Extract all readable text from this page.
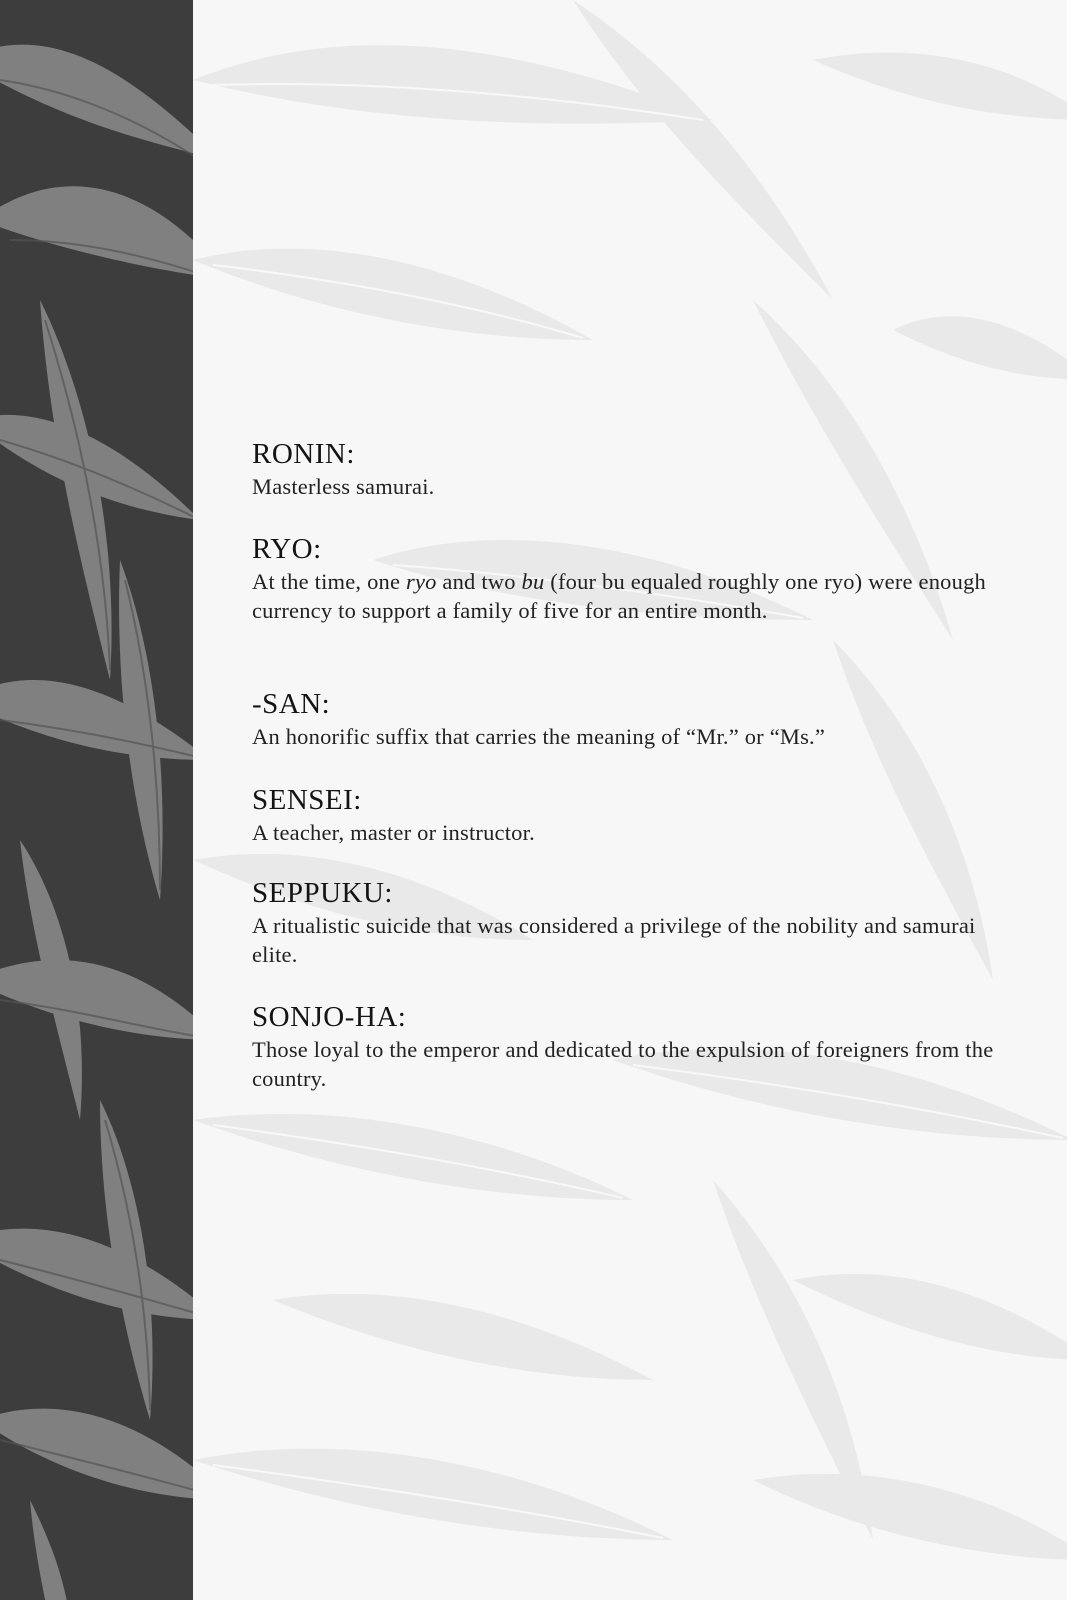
RONIN:

Masterless samurai.

RYO:

At the time, one ryo and two bu (four bu equaled roughly one ryo) were enough currency to support a family of five for an entire month.

-SAN:

An honorific suffix that carries the meaning of “Mr.” or “Ms.”

SENSEI:

A teacher, master or instructor.

SEPPUKU:

A ritualistic suicide that was considered a privilege of the nobility and samurai elite.

SONJO-HA:

Those loyal to the emperor and dedicated to the expulsion of foreigners from the country.
